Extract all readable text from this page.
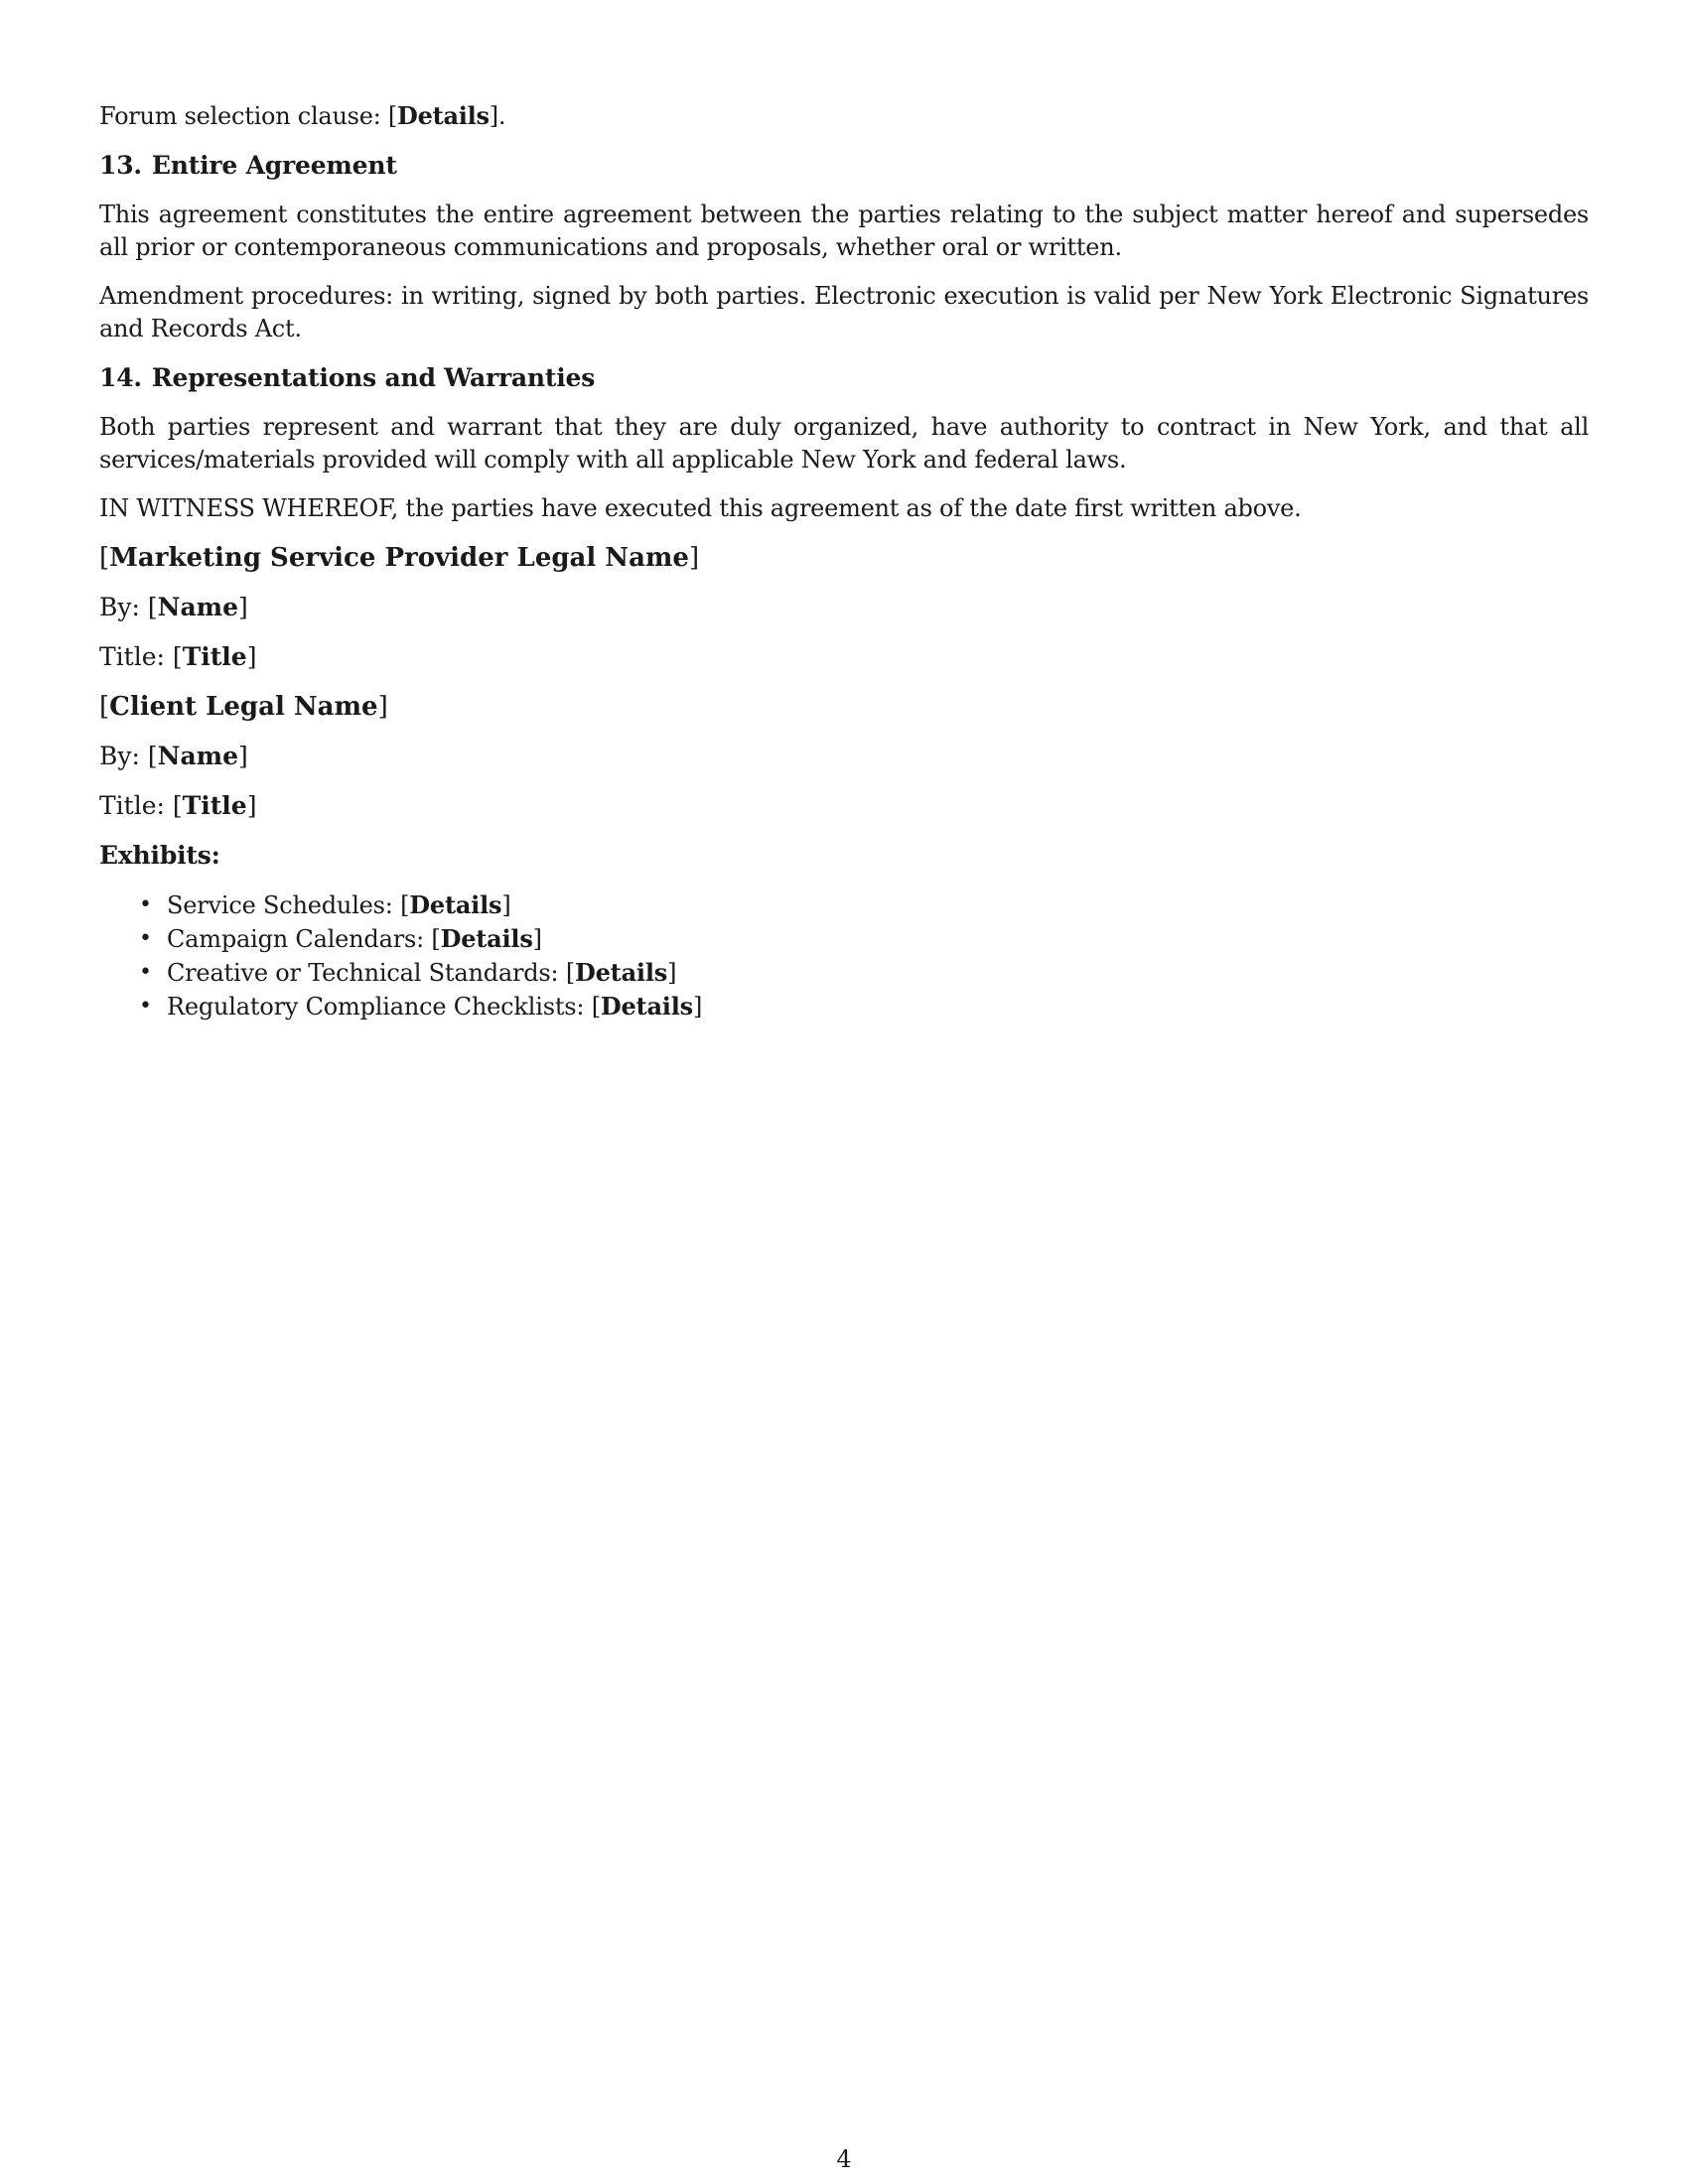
Forum selection clause: [Details].

13. Entire Agreement

This agreement constitutes the entire agreement between the parties relating to the subject matter hereof and supersedes all prior or contemporaneous communications and proposals, whether oral or written.

Amendment procedures: in writing, signed by both parties. Electronic execution is valid per New York Electronic Signatures and Records Act.

14. Representations and Warranties

Both parties represent and warrant that they are duly organized, have authority to contract in New York, and that all services/materials provided will comply with all applicable New York and federal laws.

IN WITNESS WHEREOF, the parties have executed this agreement as of the date first written above.

[Marketing Service Provider Legal Name]
By: [Name]
Title: [Title]
[Client Legal Name]
By: [Name]
Title: [Title]
Exhibits:
• Service Schedules: [Details]
• Campaign Calendars: [Details]
• Creative or Technical Standards: [Details]
• Regulatory Compliance Checklists: [Details]
4
